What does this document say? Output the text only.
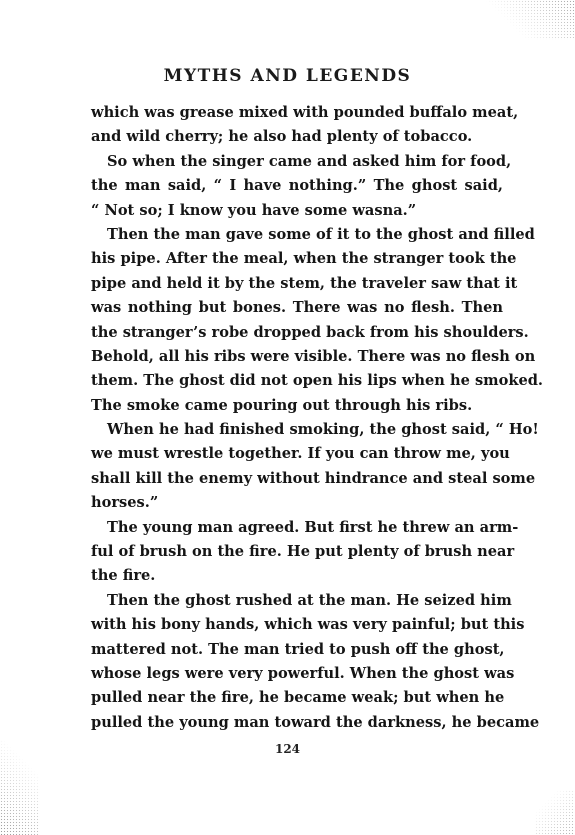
MYTHS AND LEGENDS
which was grease mixed with pounded buffalo meat,
and wild cherry; he also had plenty of tobacco.
So when the singer came and asked him for food,
the man said, “ I have nothing.” The ghost said,
“ Not so; I know you have some wasna.”
Then the man gave some of it to the ghost and filled
his pipe. After the meal, when the stranger took the
pipe and held it by the stem, the traveler saw that it
was nothing but bones. There was no flesh. Then
the stranger’s robe dropped back from his shoulders.
Behold, all his ribs were visible. There was no flesh on
them. The ghost did not open his lips when he smoked.
The smoke came pouring out through his ribs.
When he had finished smoking, the ghost said, “ Ho!
we must wrestle together. If you can throw me, you
shall kill the enemy without hindrance and steal some
horses.”
The young man agreed. But first he threw an arm-
ful of brush on the fire. He put plenty of brush near
the fire.
Then the ghost rushed at the man. He seized him
with his bony hands, which was very painful; but this
mattered not. The man tried to push off the ghost,
whose legs were very powerful. When the ghost was
pulled near the fire, he became weak; but when he
pulled the young man toward the darkness, he became
124
